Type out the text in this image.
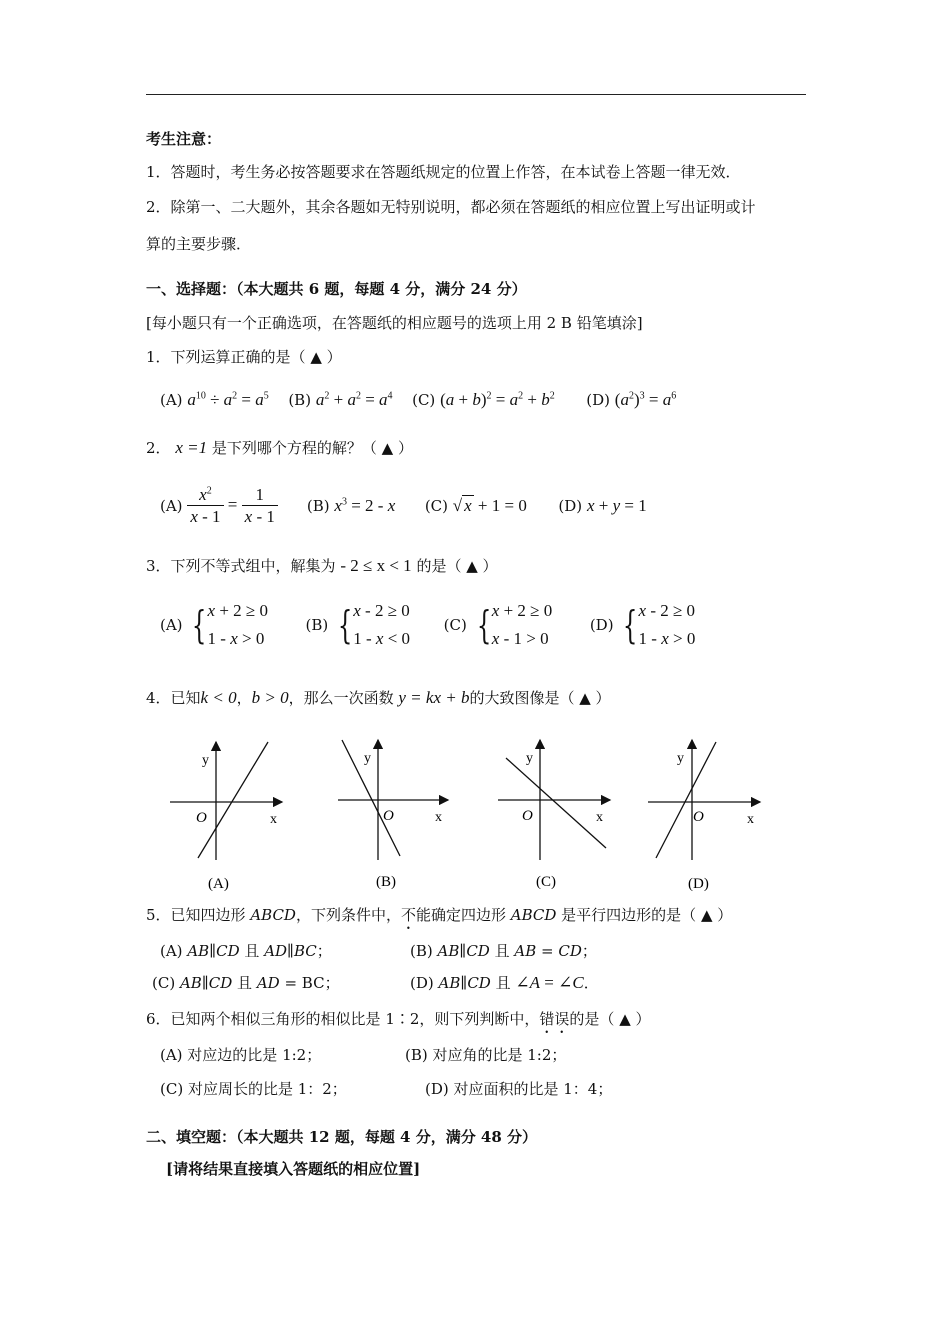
考生注意：
1．答题时，考生务必按答题要求在答题纸规定的位置上作答，在本试卷上答题一律无效．
2．除第一、二大题外，其余各题如无特别说明，都必须在答题纸的相应位置上写出证明或计
算的主要步骤．
一、选择题：（本大题共 6 题，每题 4 分，满分 24 分）
[每小题只有一个正确选项，在答题纸的相应题号的选项上用 2 B 铅笔填涂]
1．下列运算正确的是（ ▲ ）
(A) $a^{10} \div a^2 = a^5$ (B) $a^2 + a^2 = a^4$ (C) $(a + b)^2 = a^2 + b^2$ (D) $(a^2)^3 = a^6$
2． x =1 是下列哪个方程的解？（ ▲ ）
$(A) \frac{x^2}{x - 1} = \frac{1}{x - 1} (B) x^3 = 2 - x$ (C) √ x + 1 = 0 (D) x + y = 1
3．下列不等式组中，解集为 - 2 ≤ x < 1 的是（ ▲ ）
(A) {x + 2 ≥ 0
1 - x > 0  (B) {x - 2 ≥ 0
1 - x < 0  (C) {x + 2 ≥ 0
x - 1 > 0  (D) {x - 2 ≥ 0
1 - x > 0
4．已知k < 0，b > 0，那么一次函数 y = kx + b的大致图像是（ ▲ ）
y
x
O
(A)
y
x
O
(B)
y
x
O
(C)
y
x
O
(D)
5．已知四边形 ABCD，下列条件中，不能确定四边形 ABCD 是平行四边形的是（ ▲ ）
(A) AB∥CD 且 AD∥BC；	(B) AB∥CD 且 AB = CD；
(C) AB∥CD 且 AD = BC；	(D) AB∥CD 且 ∠A = ∠C．
6．已知两个相似三角形的相似比是 1∶2，则下列判断中，错误的是（ ▲ ）
(A) 对应边的比是 1:2；	(B) 对应角的比是 1:2；
(C) 对应周长的比是 1：2；	(D) 对应面积的比是 1：4；
二、填空题：（本大题共 12 题，每题 4 分，满分 48 分）
[请将结果直接填入答题纸的相应位置]
